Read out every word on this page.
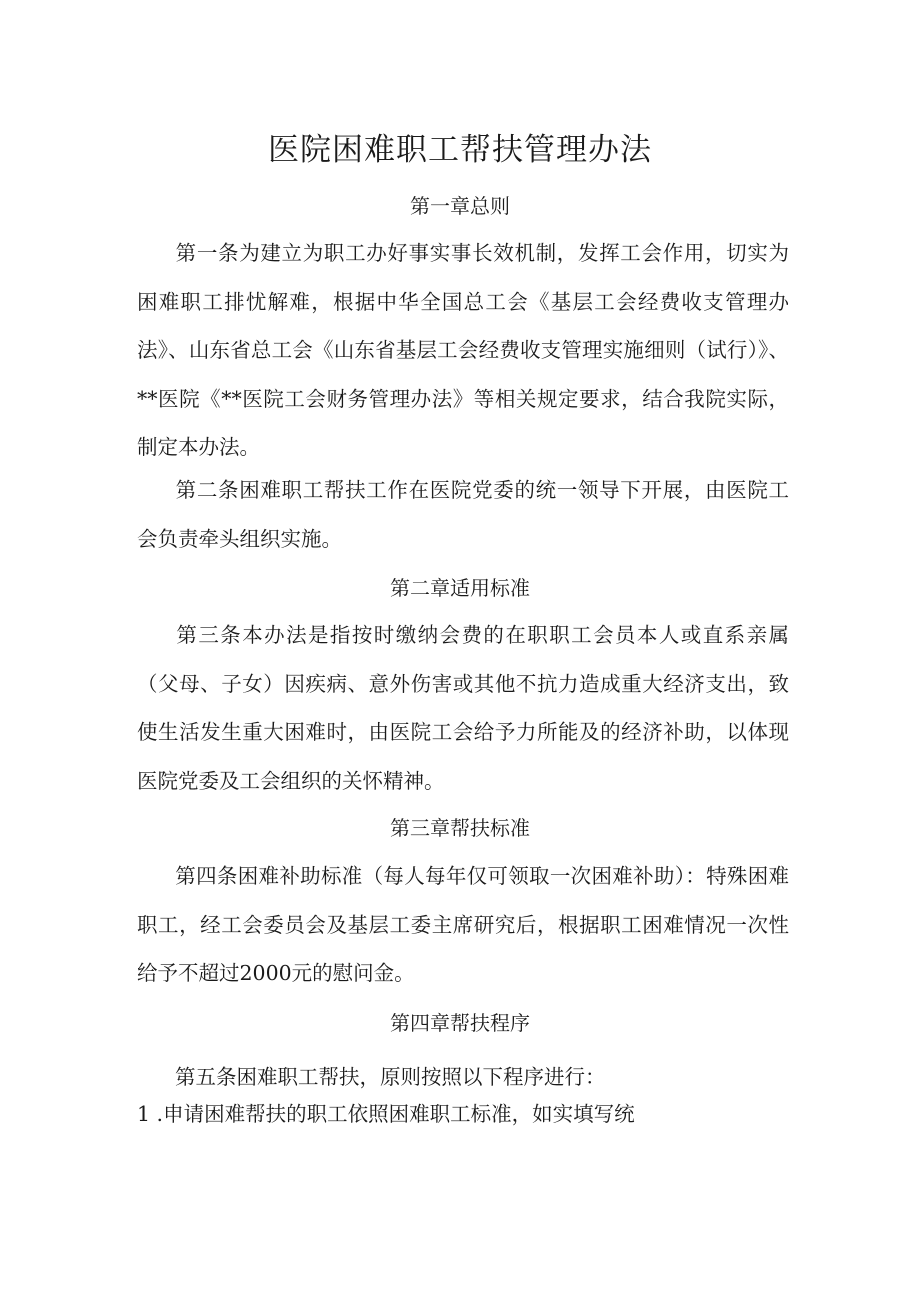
医院困难职工帮扶管理办法
第一章总则

第一条为建立为职工办好事实事长效机制，发挥工会作用，切实为困难职工排忧解难，根据中华全国总工会《基层工会经费收支管理办法》、山东省总工会《山东省基层工会经费收支管理实施细则（试行）》、**医院《**医院工会财务管理办法》等相关规定要求，结合我院实际，制定本办法。

第二条困难职工帮扶工作在医院党委的统一领导下开展，由医院工会负责牵头组织实施。

第二章适用标准

第三条本办法是指按时缴纳会费的在职职工会员本人或直系亲属（父母、子女）因疾病、意外伤害或其他不抗力造成重大经济支出，致使生活发生重大困难时，由医院工会给予力所能及的经济补助，以体现医院党委及工会组织的关怀精神。

第三章帮扶标准

第四条困难补助标准（每人每年仅可领取一次困难补助）：特殊困难职工，经工会委员会及基层工委主席研究后，根据职工困难情况一次性给予不超过2000元的慰问金。

第四章帮扶程序

第五条困难职工帮扶，原则按照以下程序进行：

1 .申请困难帮扶的职工依照困难职工标准，如实填写统
